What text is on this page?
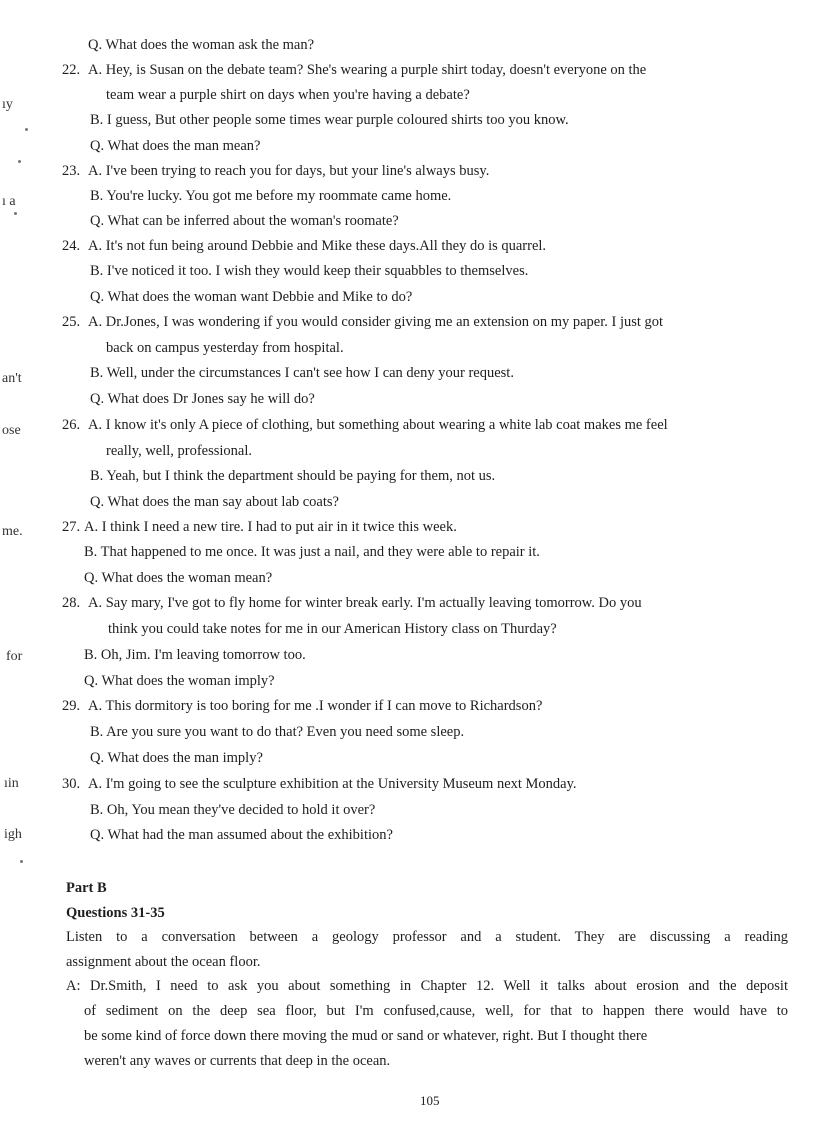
ıy
ı a
an't
ose
me.
for
ıin
igh
Q. What does the woman ask the man?
22. A. Hey, is Susan on the debate team? She's wearing a purple shirt today, doesn't everyone on the
team wear a purple shirt on days when you're having a debate?
B. I guess, But other people some times wear purple coloured shirts too you know.
Q. What does the man mean?
23. A. I've been trying to reach you for days, but your line's always busy.
B. You're lucky. You got me before my roommate came home.
Q. What can be inferred about the woman's roomate?
24. A. It's not fun being around Debbie and Mike these days.All they do is quarrel.
B. I've noticed it too. I wish they would keep their squabbles to themselves.
Q. What does the woman want Debbie and Mike to do?
25. A. Dr.Jones, I was wondering if you would consider giving me an extension on my paper. I just got
back on campus yesterday from hospital.
B. Well, under the circumstances I can't see how I can deny your request.
Q. What does Dr Jones say he will do?
26. A. I know it's only A piece of clothing, but something about wearing a white lab coat makes me feel
really, well, professional.
B. Yeah, but I think the department should be paying for them, not us.
Q. What does the man say about lab coats?
27. A. I think I need a new tire. I had to put air in it twice this week.
B. That happened to me once. It was just a nail, and they were able to repair it.
Q. What does the woman mean?
28. A. Say mary, I've got to fly home for winter break early. I'm actually leaving tomorrow. Do you
think you could take notes for me in our American History class on Thurday?
B. Oh, Jim. I'm leaving tomorrow too.
Q. What does the woman imply?
29. A. This dormitory is too boring for me .I wonder if I can move to Richardson?
B. Are you sure you want to do that? Even you need some sleep.
Q. What does the man imply?
30. A. I'm going to see the sculpture exhibition at the University Museum next Monday.
B. Oh, You mean they've decided to hold it over?
Q. What had the man assumed about the exhibition?
Part B
Questions 31-35
Listen to a conversation between a geology professor and a student. They are discussing a reading
assignment about the ocean floor.
A: Dr.Smith, I need to ask you about something in Chapter 12. Well it talks about erosion and the deposit
of sediment on the deep sea floor, but I'm confused,cause, well, for that to happen there would have to
be some kind of force down there moving the mud or sand or whatever, right. But I thought there
weren't any waves or currents that deep in the ocean.
105
